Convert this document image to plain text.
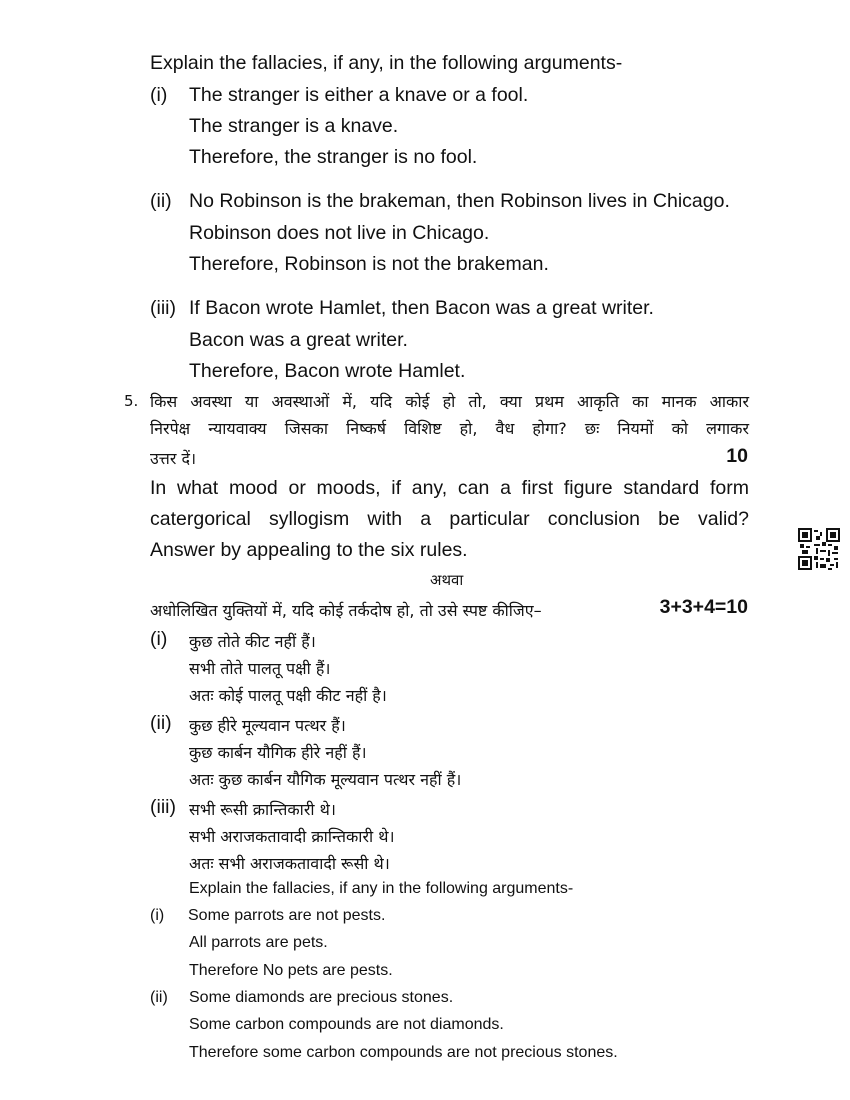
Explain the fallacies, if any, in the following arguments-
(i) The stranger is either a knave or a fool.
The stranger is a knave.
Therefore, the stranger is no fool.
(ii) No Robinson is the brakeman, then Robinson lives in Chicago.
Robinson does not live in Chicago.
Therefore, Robinson is not the brakeman.
(iii) If Bacon wrote Hamlet, then Bacon was a great writer.
Bacon was a great writer.
Therefore, Bacon wrote Hamlet.
5. किस अवस्था या अवस्थाओं में, यदि कोई हो तो, क्या प्रथम आकृति का मानक आकार
निरपेक्ष न्यायवाक्य जिसका निष्कर्ष विशिष्ट हो, वैध होगा? छः नियमों को लगाकर
उत्तर दें।	10
In what mood or moods, if any, can a first figure standard form
catergorical syllogism with a particular conclusion be valid?
Answer by appealing to the six rules.
अथवा
अधोलिखित युक्तियों में, यदि कोई तर्कदोष हो, तो उसे स्पष्ट कीजिए–	3+3+4=10
(i) कुछ तोते कीट नहीं हैं।
सभी तोते पालतू पक्षी हैं।
अतः कोई पालतू पक्षी कीट नहीं है।
(ii) कुछ हीरे मूल्यवान पत्थर हैं।
कुछ कार्बन यौगिक हीरे नहीं हैं।
अतः कुछ कार्बन यौगिक मूल्यवान पत्थर नहीं हैं।
(iii) सभी रूसी क्रान्तिकारी थे।
सभी अराजकतावादी क्रान्तिकारी थे।
अतः सभी अराजकतावादी रूसी थे।
Explain the fallacies, if any in the following arguments-
(i) Some parrots are not pests.
All parrots are pets.
Therefore No pets are pests.
(ii) Some diamonds are precious stones.
Some carbon compounds are not diamonds.
Therefore some carbon compounds are not precious stones.
